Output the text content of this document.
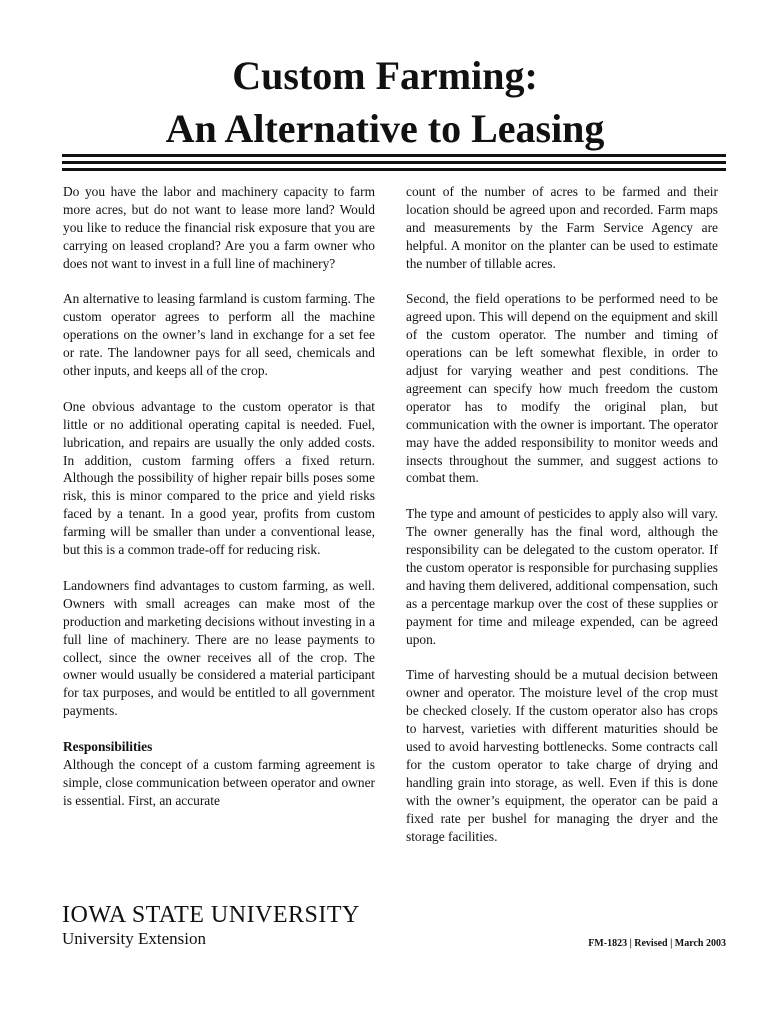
Custom Farming:
An Alternative to Leasing

Do you have the labor and machinery capacity to farm more acres, but do not want to lease more land? Would you like to reduce the financial risk exposure that you are carrying on leased cropland? Are you a farm owner who does not want to invest in a full line of machinery?

An alternative to leasing farmland is custom farming. The custom operator agrees to perform all the machine operations on the owner’s land in exchange for a set fee or rate. The landowner pays for all seed, chemicals and other inputs, and keeps all of the crop.

One obvious advantage to the custom operator is that little or no additional operating capital is needed. Fuel, lubrication, and repairs are usually the only added costs. In addition, custom farming offers a fixed return. Although the possibility of higher repair bills poses some risk, this is minor compared to the price and yield risks faced by a tenant. In a good year, profits from custom farming will be smaller than under a conventional lease, but this is a common trade-off for reducing risk.

Landowners find advantages to custom farming, as well. Owners with small acreages can make most of the production and marketing decisions without investing in a full line of machinery. There are no lease payments to collect, since the owner receives all of the crop. The owner would usually be considered a material participant for tax purposes, and would be entitled to all government payments.

Responsibilities
Although the concept of a custom farming agreement is simple, close communication between operator and owner is essential. First, an accurate

count of the number of acres to be farmed and their location should be agreed upon and recorded. Farm maps and measurements by the Farm Service Agency are helpful. A monitor on the planter can be used to estimate the number of tillable acres.

Second, the field operations to be performed need to be agreed upon. This will depend on the equipment and skill of the custom operator. The number and timing of operations can be left somewhat flexible, in order to adjust for varying weather and pest conditions. The agreement can specify how much freedom the custom operator has to modify the original plan, but communication with the owner is important. The operator may have the added responsibility to monitor weeds and insects throughout the summer, and suggest actions to combat them.

The type and amount of pesticides to apply also will vary. The owner generally has the final word, although the responsibility can be delegated to the custom operator. If the custom operator is responsible for purchasing supplies and having them delivered, additional compensation, such as a percentage markup over the cost of these supplies or payment for time and mileage expended, can be agreed upon.

Time of harvesting should be a mutual decision between owner and operator. The moisture level of the crop must be checked closely. If the custom operator also has crops to harvest, varieties with different maturities should be used to avoid harvesting bottlenecks. Some contracts call for the custom operator to take charge of drying and handling grain into storage, as well. Even if this is done with the owner’s equipment, the operator can be paid a fixed rate per bushel for managing the dryer and the storage facilities.

IOWA STATE UNIVERSITY
University Extension	FM-1823 | Revised | March 2003
